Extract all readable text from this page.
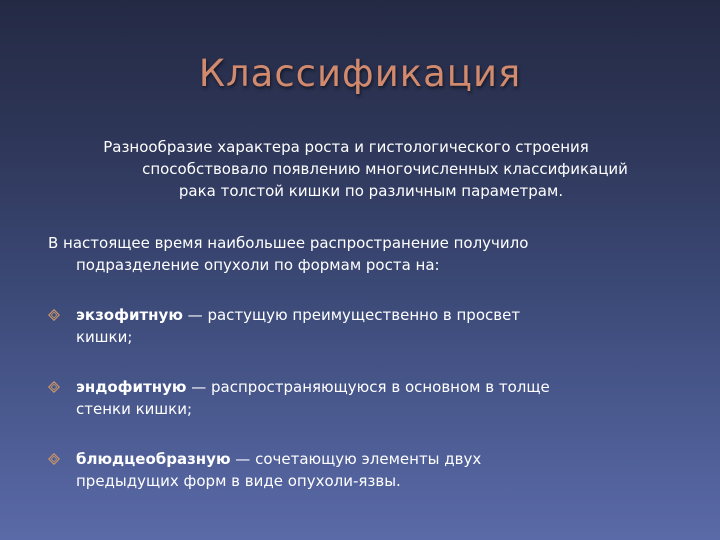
Классификация

Разнообразие характера роста и гистологического строения
способствовало появлению многочисленных классификаций
рака толстой кишки по различным параметрам.

В настоящее время наибольшее распространение получило
подразделение опухоли по формам роста на:

экзофитную — растущую преимущественно в просвет
кишки;
эндофитную — распространяющуюся в основном в толще
стенки кишки;
блюдцеобразную — сочетающую элементы двух
предыдущих форм в виде опухоли-язвы.
